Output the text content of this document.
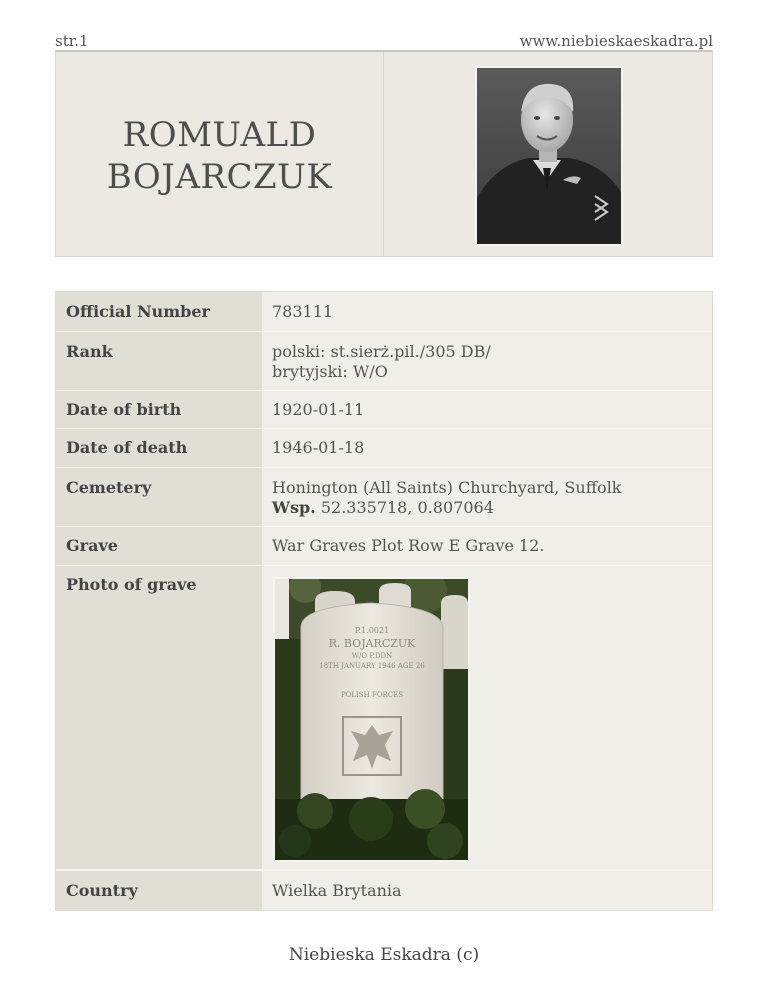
str.1	www.niebieskaeskadra.pl
ROMUALD
BOJARCZUK
Official Number	783111
Rank	polski: st.sierż.pil./305 DB/
brytyjski: W/O
Date of birth	1920-01-11
Date of death	1946-01-18
Cemetery	Honington (All Saints) Churchyard, Suffolk
Wsp. 52.335718, 0.807064
Grave	War Graves Plot Row E Grave 12.
Photo of grave
P.1.0021
R. BOJARCZUK
W/O P.DDN
18TH JANUARY 1946 AGE 26
POLISH FORCES
Country	Wielka Brytania
Niebieska Eskadra (c)
